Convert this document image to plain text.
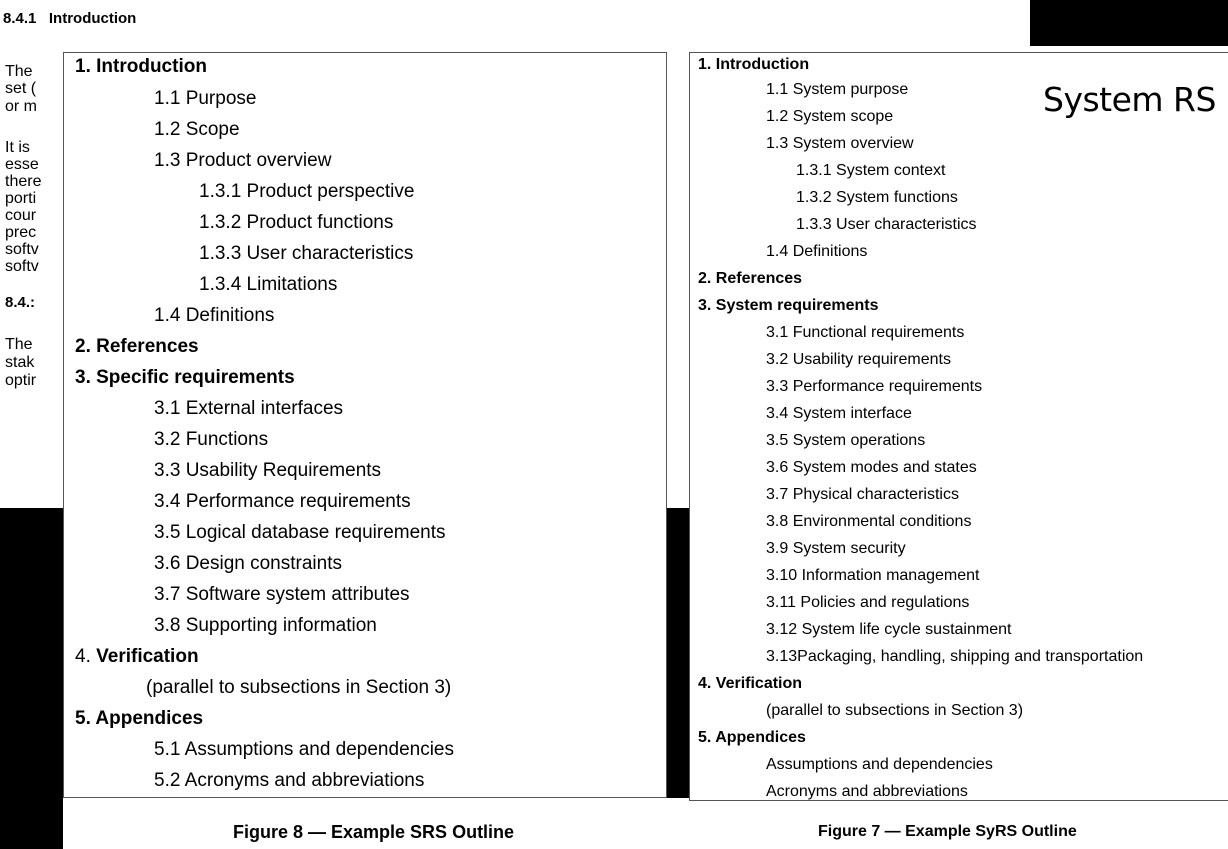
8.4.1   Introduction
The
set (
or m
It is
esse
there
porti
cour
prec
softv
softv
8.4.:
The
stak
optir
1. Introduction
1.1 Purpose
1.2 Scope
1.3 Product overview
1.3.1 Product perspective
1.3.2 Product functions
1.3.3 User characteristics
1.3.4 Limitations
1.4 Definitions
2. References
3. Specific requirements
3.1 External interfaces
3.2 Functions
3.3 Usability Requirements
3.4 Performance requirements
3.5 Logical database requirements
3.6 Design constraints
3.7 Software system attributes
3.8 Supporting information
4. Verification
(parallel to subsections in Section 3)
5. Appendices
5.1 Assumptions and dependencies
5.2 Acronyms and abbreviations
1. Introduction
1.1 System purpose
1.2 System scope
1.3 System overview
1.3.1 System context
1.3.2 System functions
1.3.3 User characteristics
1.4 Definitions
2. References
3. System requirements
3.1 Functional requirements
3.2 Usability requirements
3.3 Performance requirements
3.4 System interface
3.5 System operations
3.6 System modes and states
3.7 Physical characteristics
3.8 Environmental conditions
3.9 System security
3.10 Information management
3.11 Policies and regulations
3.12 System life cycle sustainment
3.13Packaging, handling, shipping and transportation
4. Verification
(parallel to subsections in Section 3)
5. Appendices
Assumptions and dependencies
Acronyms and abbreviations
System RS
Figure 8 — Example SRS Outline	Figure 7 — Example SyRS Outline
